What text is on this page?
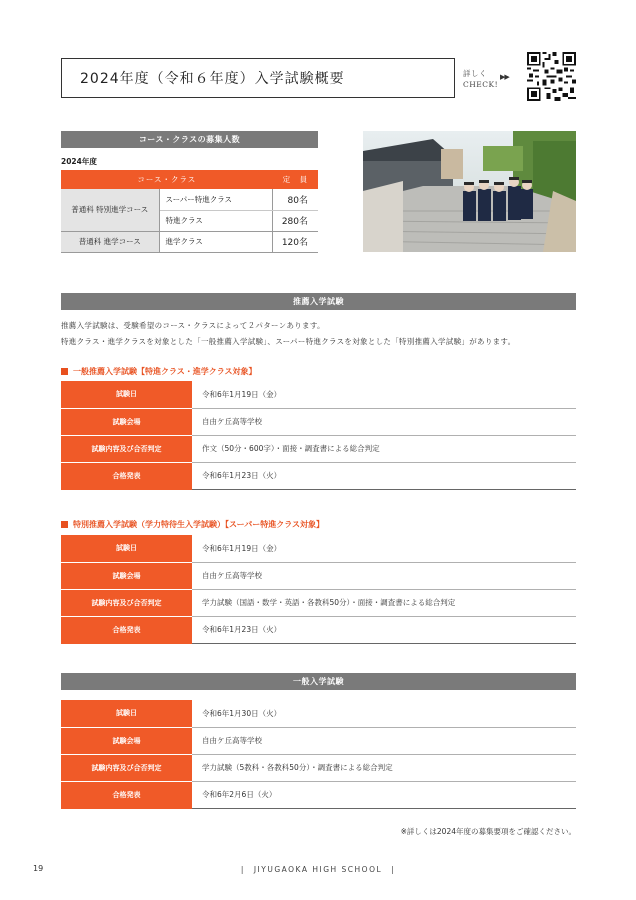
2024年度（令和６年度）入学試験概要	詳しく
CHECK!
▶▶
コース・クラスの募集人数
2024年度
コース・クラス		定　員
普通科 特別進学コース	スーパー特進クラス	80名
	特進クラス	280名
普通科 進学コース	進学クラス	120名
推薦入学試験
推薦入学試験は、受験希望のコース・クラスによって２パターンあります。
特進クラス・進学クラスを対象とした「一般推薦入学試験」、スーパー特進クラスを対象とした「特別推薦入学試験」があります。
一般推薦入学試験【特進クラス・進学クラス対象】
試験日	令和6年1月19日（金）
試験会場	自由ケ丘高等学校
試験内容及び合否判定	作文（50分・600字）・面接・調査書による総合判定
合格発表	令和6年1月23日（火）
特別推薦入学試験（学力特待生入学試験）【スーパー特進クラス対象】
試験日	令和6年1月19日（金）
試験会場	自由ケ丘高等学校
試験内容及び合否判定	学力試験（国語・数学・英語・各教科50分）・面接・調査書による総合判定
合格発表	令和6年1月23日（火）
一般入学試験
試験日	令和6年1月30日（火）
試験会場	自由ケ丘高等学校
試験内容及び合否判定	学力試験（5教科・各教科50分）・調査書による総合判定
合格発表	令和6年2月6日（火）
※詳しくは2024年度の募集要項をご確認ください。
19	|　JIYUGAOKA HIGH SCHOOL　|
